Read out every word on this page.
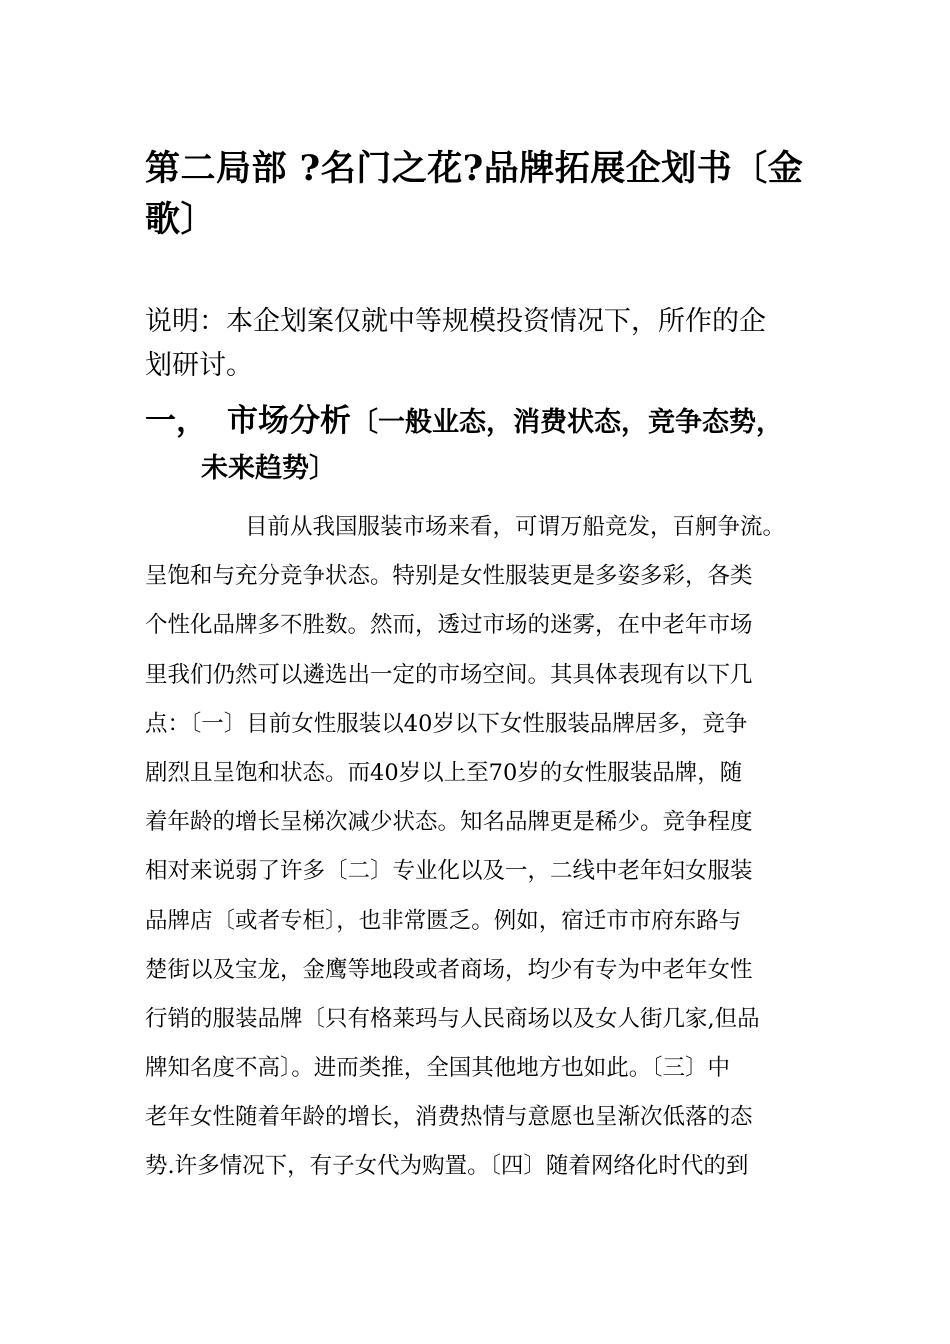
第二局部 ?名门之花?品牌拓展企划书〔金
歌〕

说明：本企划案仅就中等规模投资情况下，所作的企
划研讨。

一， 市场分析〔一般业态，消费状态，竞争态势，
未来趋势〕
目前从我国服装市场来看，可谓万船竞发，百舸争流。
呈饱和与充分竞争状态。特别是女性服装更是多姿多彩，各类
个性化品牌多不胜数。然而，透过市场的迷雾，在中老年市场
里我们仍然可以遴选出一定的市场空间。其具体表现有以下几
点：〔一〕目前女性服装以40岁以下女性服装品牌居多，竞争
剧烈且呈饱和状态。而40岁以上至70岁的女性服装品牌，随
着年龄的增长呈梯次减少状态。知名品牌更是稀少。竞争程度
相对来说弱了许多〔二〕专业化以及一，二线中老年妇女服装
品牌店〔或者专柜〕，也非常匮乏。例如，宿迁市市府东路与
楚街以及宝龙，金鹰等地段或者商场，均少有专为中老年女性
行销的服装品牌〔只有格莱玛与人民商场以及女人街几家,但品
牌知名度不高〕。进而类推，全国其他地方也如此。〔三〕中
老年女性随着年龄的增长，消费热情与意愿也呈渐次低落的态
势.许多情况下，有子女代为购置。〔四〕随着网络化时代的到
